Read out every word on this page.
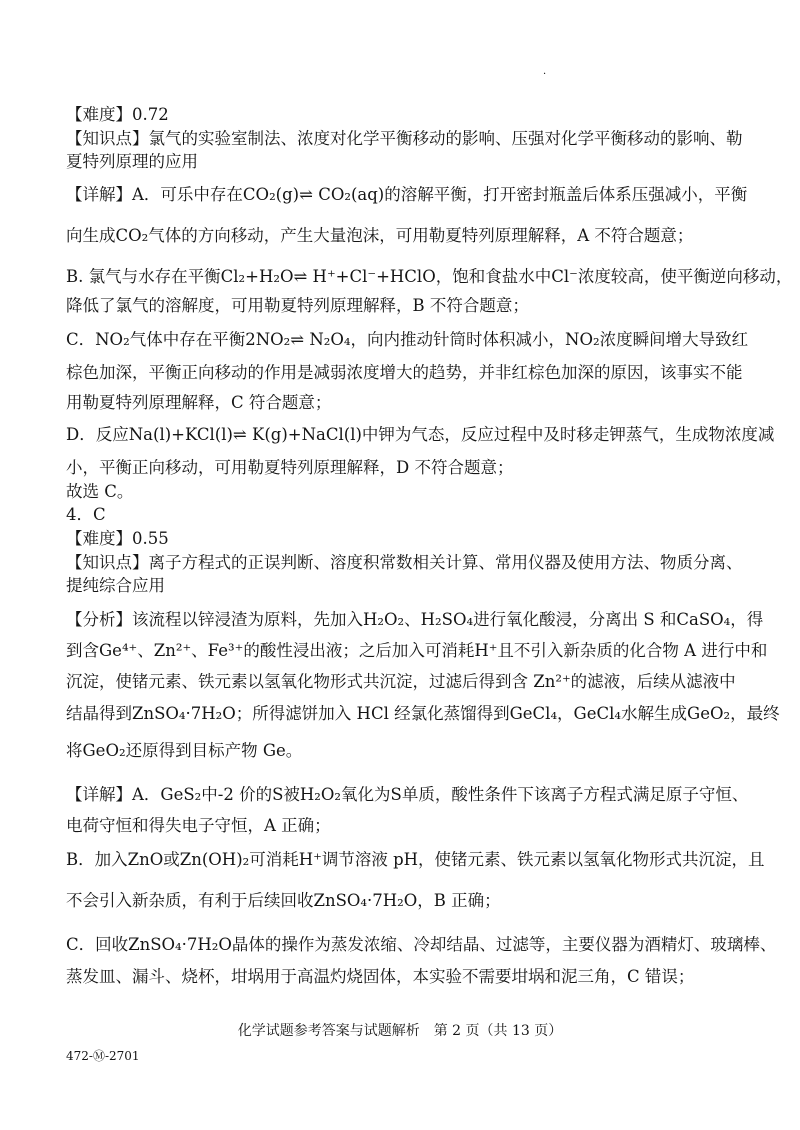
·
【难度】0.72
【知识点】氯气的实验室制法、浓度对化学平衡移动的影响、压强对化学平衡移动的影响、勒
夏特列原理的应用
【详解】A．可乐中存在CO₂(g)⇌ CO₂(aq)的溶解平衡，打开密封瓶盖后体系压强减小，平衡
向生成CO₂气体的方向移动，产生大量泡沫，可用勒夏特列原理解释，A 不符合题意；
B. 氯气与水存在平衡Cl₂+H₂O⇌ H⁺+Cl⁻+HClO，饱和食盐水中Cl⁻浓度较高，使平衡逆向移动，
降低了氯气的溶解度，可用勒夏特列原理解释，B 不符合题意；
C．NO₂气体中存在平衡2NO₂⇌ N₂O₄，向内推动针筒时体积减小，NO₂浓度瞬间增大导致红
棕色加深，平衡正向移动的作用是减弱浓度增大的趋势，并非红棕色加深的原因，该事实不能
用勒夏特列原理解释，C 符合题意；
D．反应Na(l)+KCl(l)⇌ K(g)+NaCl(l)中钾为气态，反应过程中及时移走钾蒸气，生成物浓度减
小，平衡正向移动，可用勒夏特列原理解释，D 不符合题意；
故选 C。
4．C
【难度】0.55
【知识点】离子方程式的正误判断、溶度积常数相关计算、常用仪器及使用方法、物质分离、
提纯综合应用
【分析】该流程以锌浸渣为原料，先加入H₂O₂、H₂SO₄进行氧化酸浸，分离出 S 和CaSO₄，得
到含Ge⁴⁺、Zn²⁺、Fe³⁺的酸性浸出液；之后加入可消耗H⁺且不引入新杂质的化合物 A 进行中和
沉淀，使锗元素、铁元素以氢氧化物形式共沉淀，过滤后得到含 Zn²⁺的滤液，后续从滤液中
结晶得到ZnSO₄·7H₂O；所得滤饼加入 HCl 经氯化蒸馏得到GeCl₄，GeCl₄水解生成GeO₂，最终
将GeO₂还原得到目标产物 Ge。
【详解】A．GeS₂中-2 价的S被H₂O₂氧化为S单质，酸性条件下该离子方程式满足原子守恒、
电荷守恒和得失电子守恒，A 正确；
B．加入ZnO或Zn(OH)₂可消耗H⁺调节溶液 pH，使锗元素、铁元素以氢氧化物形式共沉淀，且
不会引入新杂质，有利于后续回收ZnSO₄·7H₂O，B 正确；
C．回收ZnSO₄·7H₂O晶体的操作为蒸发浓缩、冷却结晶、过滤等，主要仪器为酒精灯、玻璃棒、
蒸发皿、漏斗、烧杯，坩埚用于高温灼烧固体，本实验不需要坩埚和泥三角，C 错误；
化学试题参考答案与试题解析　第 2 页（共 13 页）
472-Ⓜ-2701
